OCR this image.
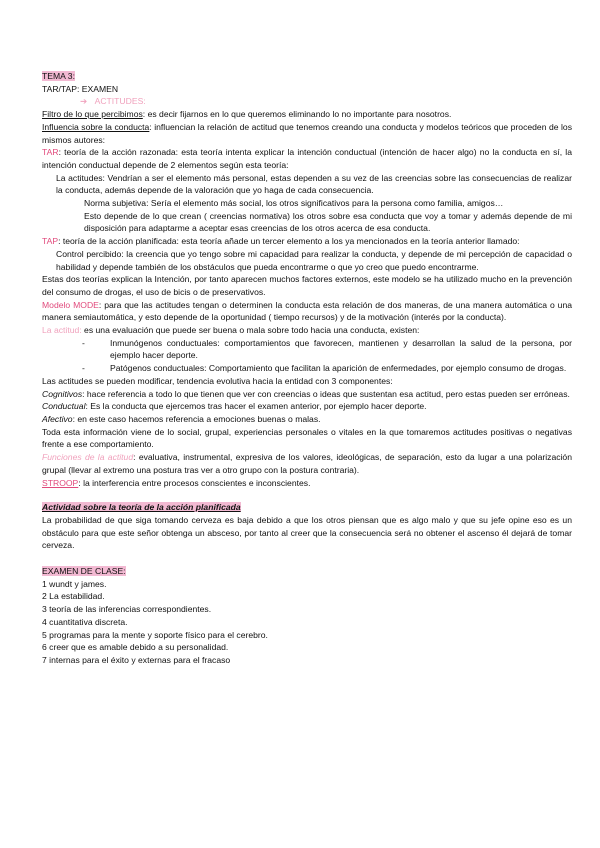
TEMA 3:
TAR/TAP: EXAMEN
➔ ACTITUDES:

Filtro de lo que percibimos: es decir fijarnos en lo que queremos eliminando lo no importante para nosotros.

Influencia sobre la conducta: influencian la relación de actitud que tenemos creando una conducta y modelos teóricos que proceden de los mismos autores:

TAR: teoría de la acción razonada: esta teoría intenta explicar la intención conductual (intención de hacer algo) no la conducta en sí, la intención conductual depende de 2 elementos según esta teoría:

La actitudes: Vendrían a ser el elemento más personal, estas dependen a su vez de las creencias sobre las consecuencias de realizar la conducta, además depende de la valoración que yo haga de cada consecuencia.

Norma subjetiva: Sería el elemento más social, los otros significativos para la persona como familia, amigos…

Esto depende de lo que crean ( creencias normativa) los otros sobre esa conducta que voy a tomar y además depende de mi disposición para adaptarme a aceptar esas creencias de los otros acerca de esa conducta.

TAP: teoría de la acción planificada: esta teoría añade un tercer elemento a los ya mencionados en la teoría anterior llamado:

Control percibido: la creencia que yo tengo sobre mi capacidad para realizar la conducta, y depende de mi percepción de capacidad o habilidad y depende también de los obstáculos que pueda encontrarme o que yo creo que puedo encontrarme.

Estas dos teorías explican la Intención, por tanto aparecen muchos factores externos, este modelo se ha utilizado mucho en la prevención del consumo de drogas, el uso de bicis o de preservativos.

Modelo MODE: para que las actitudes tengan o determinen la conducta esta relación de dos maneras, de una manera automática o una manera semiautomática, y esto depende de la oportunidad ( tiempo recursos) y de la motivación (interés por la conducta).

La actitud: es una evaluación que puede ser buena o mala sobre todo hacia una conducta, existen:

-	Inmunógenos conductuales: comportamientos que favorecen, mantienen y desarrollan la salud de la persona, por ejemplo hacer deporte.
-	Patógenos conductuales: Comportamiento que facilitan la aparición de enfermedades, por ejemplo consumo de drogas.

Las actitudes se pueden modificar, tendencia evolutiva hacia la entidad con 3 componentes:

Cognitivos: hace referencia a todo lo que tienen que ver con creencias o ideas que sustentan esa actitud, pero estas pueden ser erróneas.

Conductual: Es la conducta que ejercemos tras hacer el examen anterior, por ejemplo hacer deporte.

Afectivo: en este caso hacemos referencia a emociones buenas o malas.

Toda esta información viene de lo social, grupal, experiencias personales o vitales en la que tomaremos actitudes positivas o negativas frente a ese comportamiento.

Funciones de la actitud: evaluativa, instrumental, expresiva de los valores, ideológicas, de separación, esto da lugar a una polarización grupal (llevar al extremo una postura tras ver a otro grupo con la postura contraria).

STROOP: la interferencia entre procesos conscientes e inconscientes.

Actividad sobre la teoría de la acción planificada

La probabilidad de que siga tomando cerveza es baja debido a que los otros piensan que es algo malo y que su jefe opine eso es un obstáculo para que este señor obtenga un absceso, por tanto al creer que la consecuencia será no obtener el ascenso él dejará de tomar cerveza.

EXAMEN DE CLASE:
1 wundt y james.
2 La estabilidad.
3 teoría de las inferencias correspondientes.
4 cuantitativa discreta.
5 programas para la mente y soporte físico para el cerebro.
6 creer que es amable debido a su personalidad.
7 internas para el éxito y externas para el fracaso
